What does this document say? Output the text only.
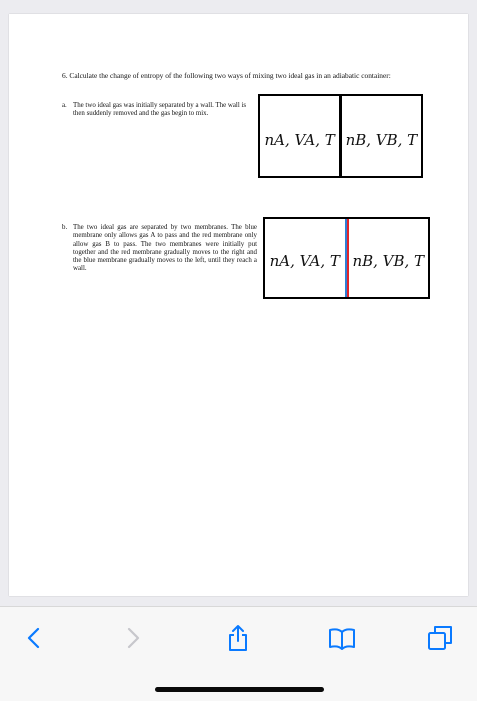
6. Calculate the change of entropy of the following two ways of mixing two ideal gas in an adiabatic container:
a. The two ideal gas was initially separated by a wall. The wall is then suddenly removed and the gas begin to mix.
nA, VA, T nB, VB, T
b. The two ideal gas are separated by two membranes. The blue membrane only allows gas A to pass and the red membrane only allow gas B to pass. The two membranes were initially put together and the red membrane gradually moves to the right and the blue membrane gradually moves to the left, until they reach a wall.	nA, VA, T nB, VB, T
